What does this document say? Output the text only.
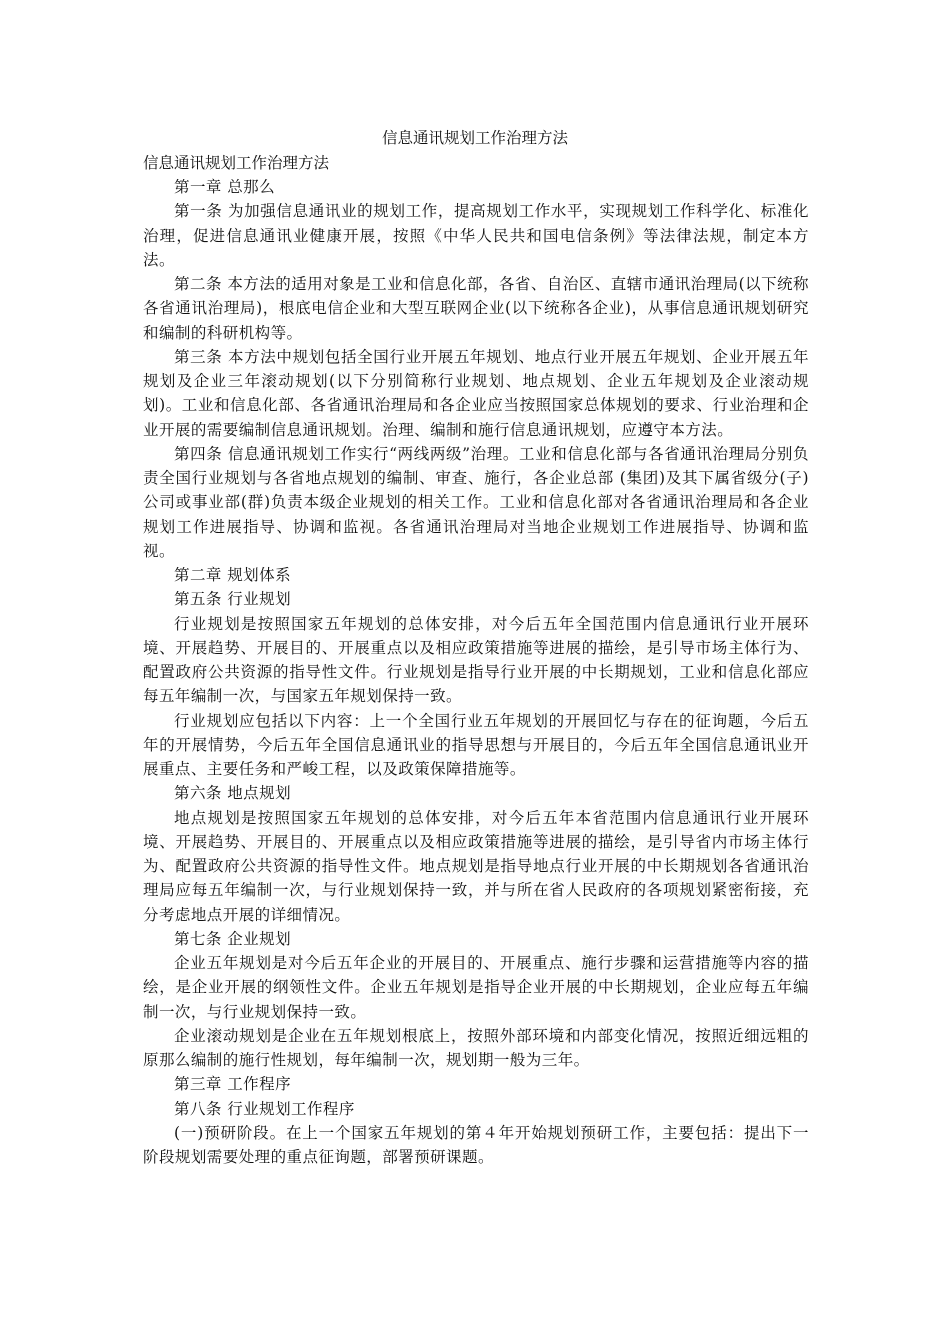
信息通讯规划工作治理方法
信息通讯规划工作治理方法

第一章 总那么

第一条 为加强信息通讯业的规划工作，提高规划工作水平，实现规划工作科学化、标准化治理，促进信息通讯业健康开展，按照《中华人民共和国电信条例》等法律法规，制定本方法。

第二条 本方法的适用对象是工业和信息化部，各省、自治区、直辖市通讯治理局(以下统称各省通讯治理局)，根底电信企业和大型互联网企业(以下统称各企业)，从事信息通讯规划研究和编制的科研机构等。

第三条 本方法中规划包括全国行业开展五年规划、地点行业开展五年规划、企业开展五年规划及企业三年滚动规划(以下分别简称行业规划、地点规划、企业五年规划及企业滚动规划)。工业和信息化部、各省通讯治理局和各企业应当按照国家总体规划的要求、行业治理和企业开展的需要编制信息通讯规划。治理、编制和施行信息通讯规划，应遵守本方法。

第四条 信息通讯规划工作实行“两线两级”治理。工业和信息化部与各省通讯治理局分别负责全国行业规划与各省地点规划的编制、审查、施行，各企业总部 (集团)及其下属省级分(子)公司或事业部(群)负责本级企业规划的相关工作。工业和信息化部对各省通讯治理局和各企业规划工作进展指导、协调和监视。各省通讯治理局对当地企业规划工作进展指导、协调和监视。

第二章 规划体系

第五条 行业规划

行业规划是按照国家五年规划的总体安排，对今后五年全国范围内信息通讯行业开展环境、开展趋势、开展目的、开展重点以及相应政策措施等进展的描绘，是引导市场主体行为、配置政府公共资源的指导性文件。行业规划是指导行业开展的中长期规划，工业和信息化部应每五年编制一次，与国家五年规划保持一致。

行业规划应包括以下内容：上一个全国行业五年规划的开展回忆与存在的征询题，今后五年的开展情势，今后五年全国信息通讯业的指导思想与开展目的，今后五年全国信息通讯业开展重点、主要任务和严峻工程，以及政策保障措施等。

第六条 地点规划

地点规划是按照国家五年规划的总体安排，对今后五年本省范围内信息通讯行业开展环境、开展趋势、开展目的、开展重点以及相应政策措施等进展的描绘，是引导省内市场主体行为、配置政府公共资源的指导性文件。地点规划是指导地点行业开展的中长期规划各省通讯治理局应每五年编制一次，与行业规划保持一致，并与所在省人民政府的各项规划紧密衔接，充分考虑地点开展的详细情况。

第七条 企业规划

企业五年规划是对今后五年企业的开展目的、开展重点、施行步骤和运营措施等内容的描绘，是企业开展的纲领性文件。企业五年规划是指导企业开展的中长期规划，企业应每五年编制一次，与行业规划保持一致。

企业滚动规划是企业在五年规划根底上，按照外部环境和内部变化情况，按照近细远粗的原那么编制的施行性规划，每年编制一次，规划期一般为三年。

第三章 工作程序

第八条 行业规划工作程序

(一)预研阶段。在上一个国家五年规划的第４年开始规划预研工作，主要包括：提出下一阶段规划需要处理的重点征询题，部署预研课题。
